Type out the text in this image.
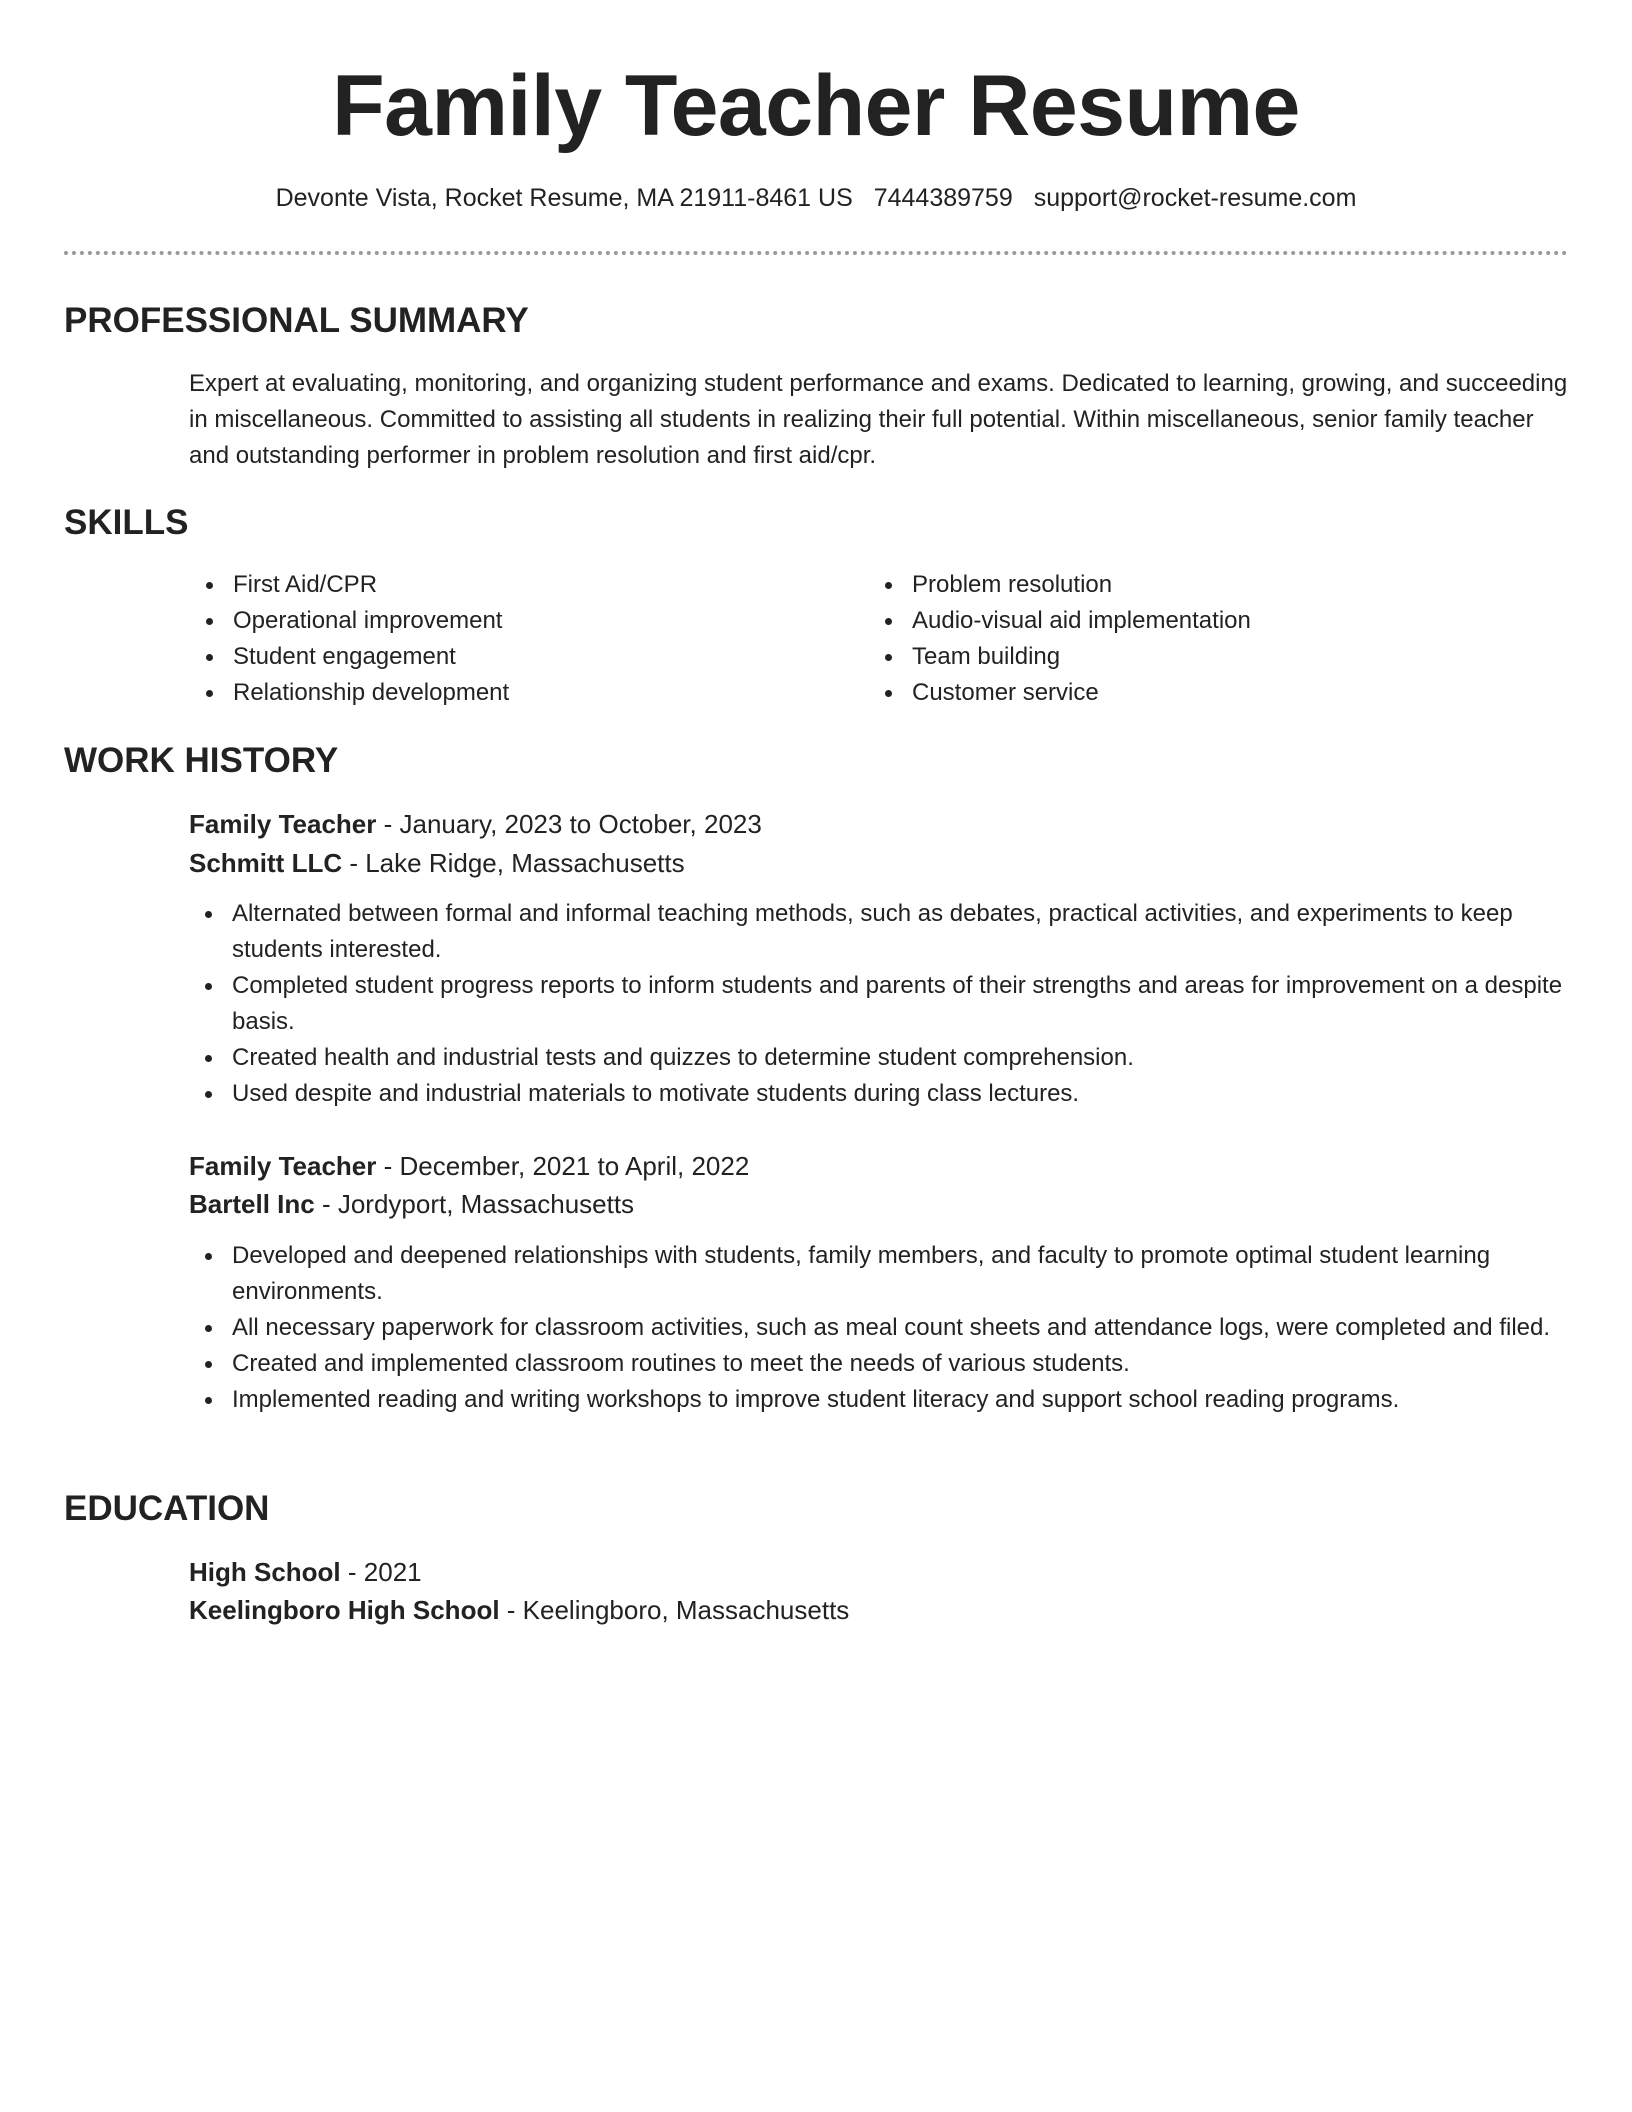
Family Teacher Resume
Devonte Vista, Rocket Resume, MA 21911-8461 US 7444389759 support@rocket-resume.com
PROFESSIONAL SUMMARY

Expert at evaluating, monitoring, and organizing student performance and exams. Dedicated to learning, growing, and succeeding in miscellaneous. Committed to assisting all students in realizing their full potential. Within miscellaneous, senior family teacher and outstanding performer in problem resolution and first aid/cpr.

SKILLS
First Aid/CPR
Operational improvement
Student engagement
Relationship development
Problem resolution
Audio-visual aid implementation
Team building
Customer service
WORK HISTORY

Family Teacher - January, 2023 to October, 2023

Schmitt LLC - Lake Ridge, Massachusetts

Alternated between formal and informal teaching methods, such as debates, practical activities, and experiments to keep students interested.
Completed student progress reports to inform students and parents of their strengths and areas for improvement on a despite basis.
Created health and industrial tests and quizzes to determine student comprehension.
Used despite and industrial materials to motivate students during class lectures.

Family Teacher - December, 2021 to April, 2022

Bartell Inc - Jordyport, Massachusetts

Developed and deepened relationships with students, family members, and faculty to promote optimal student learning environments.
All necessary paperwork for classroom activities, such as meal count sheets and attendance logs, were completed and filed.
Created and implemented classroom routines to meet the needs of various students.
Implemented reading and writing workshops to improve student literacy and support school reading programs.
EDUCATION

High School - 2021

Keelingboro High School - Keelingboro, Massachusetts
